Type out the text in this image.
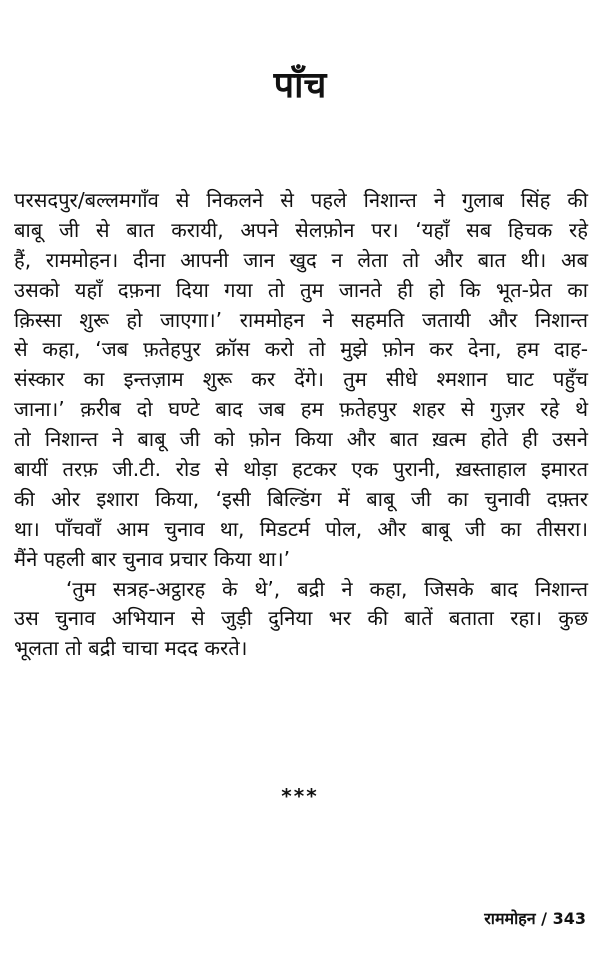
पाँच
परसदपुर/बल्लमगाँव से निकलने से पहले निशान्त ने गुलाब सिंह की
बाबू जी से बात करायी, अपने सेलफ़ोन पर। ‘यहाँ सब हिचक रहे
हैं, राममोहन। दीना आपनी जान खुद न लेता तो और बात थी। अब
उसको यहाँ दफ़ना दिया गया तो तुम जानते ही हो कि भूत-प्रेत का
क़िस्सा शुरू हो जाएगा।’ राममोहन ने सहमति जतायी और निशान्त
से कहा, ‘जब फ़तेहपुर क्रॉस करो तो मुझे फ़ोन कर देना, हम दाह-
संस्कार का इन्तज़ाम शुरू कर देंगे। तुम सीधे श्मशान घाट पहुँच
जाना।’ क़रीब दो घण्टे बाद जब हम फ़तेहपुर शहर से गुज़र रहे थे
तो निशान्त ने बाबू जी को फ़ोन किया और बात ख़त्म होते ही उसने
बायीं तरफ़ जी.टी. रोड से थोड़ा हटकर एक पुरानी, ख़स्ताहाल इमारत
की ओर इशारा किया, ‘इसी बिल्डिंग में बाबू जी का चुनावी दफ़्तर
था। पाँचवाँ आम चुनाव था, मिडटर्म पोल, और बाबू जी का तीसरा।
मैंने पहली बार चुनाव प्रचार किया था।’
‘तुम सत्रह-अट्ठारह के थे’, बद्री ने कहा, जिसके बाद निशान्त
उस चुनाव अभियान से जुड़ी दुनिया भर की बातें बताता रहा। कुछ
भूलता तो बद्री चाचा मदद करते।
***
राममोहन / 343
